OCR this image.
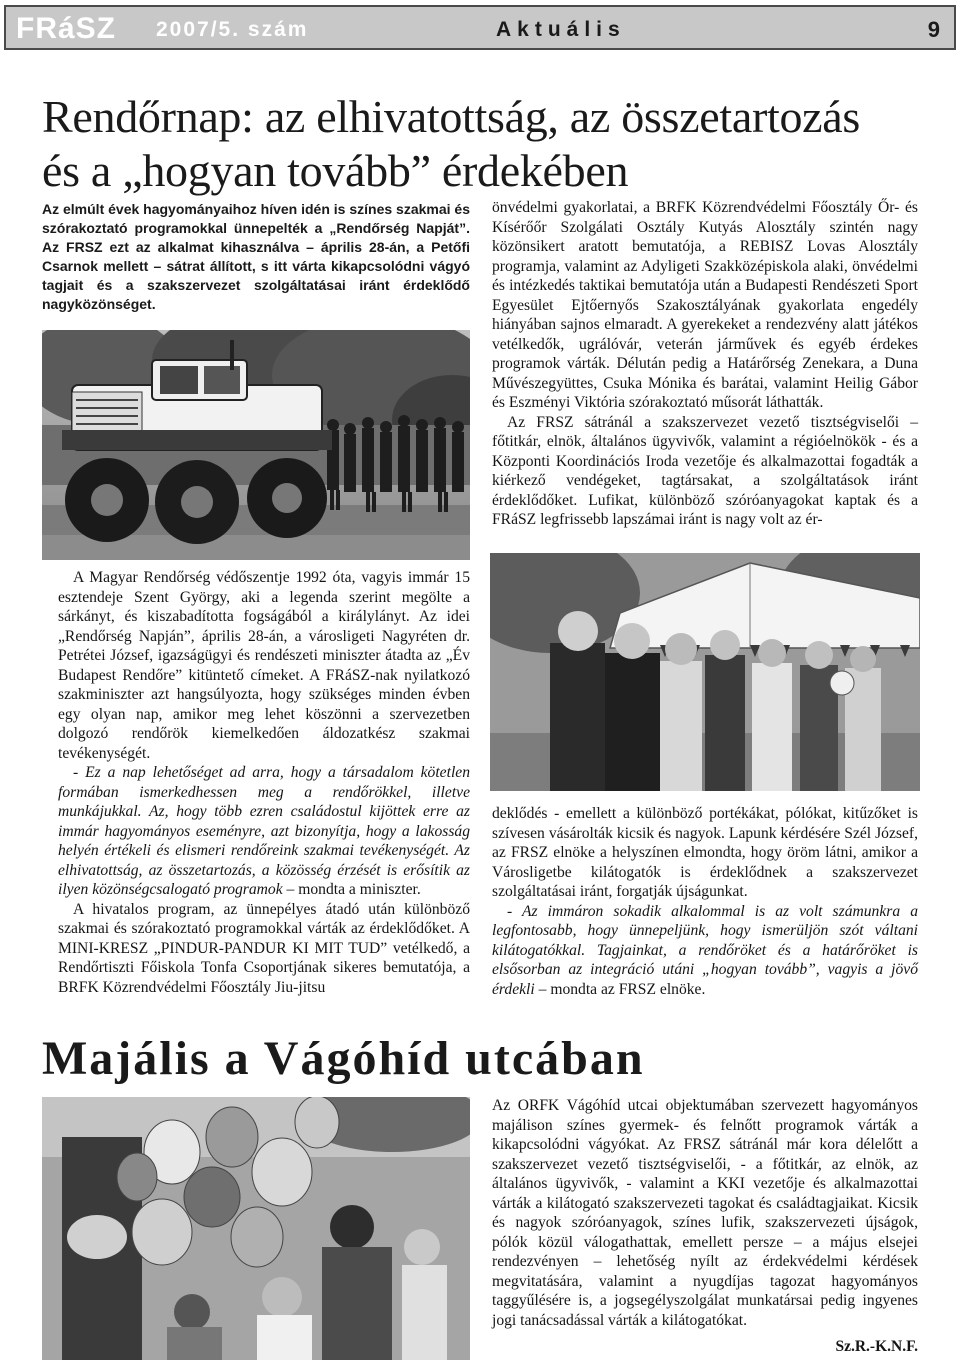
FRáSZ 2007/5. szám	Aktuális	9
Rendőrnap: az elhivatottság, az összetartozás
és a „hogyan tovább” érdekében
Az elmúlt évek hagyományaihoz híven idén is színes szakmai és szórakoztató programokkal ünnepelték a „Rendőrség Napját”. Az FRSZ ezt az alkalmat kihasználva – április 28-án, a Petőfi Csarnok mellett – sátrat állított, s itt várta kikapcsolódni vágyó tagjait és a szakszervezet szolgáltatásai iránt érdeklődő nagyközönséget.

A Magyar Rendőrség védőszentje 1992 óta, vagyis immár 15 esztendeje Szent György, aki a legenda szerint megölte a sárkányt, és kiszabadította fogságából a királylányt. Az idei „Rendőrség Napján”, április 28-án, a városligeti Nagyréten dr. Petrétei József, igazságügyi és rendészeti miniszter átadta az „Év Budapest Rendőre” kitüntető címeket. A FRáSZ-nak nyilatkozó szakminiszter azt hangsúlyozta, hogy szükséges minden évben egy olyan nap, amikor meg lehet köszönni a szervezetben dolgozó rendőrök kiemelkedően áldozatkész szakmai tevékenységét.

- Ez a nap lehetőséget ad arra, hogy a társadalom kötetlen formában ismerkedhessen meg a rendőrökkel, illetve munkájukkal. Az, hogy több ezren családostul kijöttek erre az immár hagyományos eseményre, azt bizonyítja, hogy a lakosság helyén értékeli és elismeri rendőreink szakmai tevékenységét. Az elhivatottság, az összetartozás, a közösség érzését is erősítik az ilyen közönségcsalogató programok – mondta a miniszter.

A hivatalos program, az ünnepélyes átadó után különböző szakmai és szórakoztató programokkal várták az érdeklődőket. A MINI-KRESZ „PINDUR-PANDUR KI MIT TUD” vetélkedő, a Rendőrtiszti Főiskola Tonfa Csoportjának sikeres bemutatója, a BRFK Közrendvédelmi Főosztály Jiu-jitsu

önvédelmi gyakorlatai, a BRFK Közrendvédelmi Főosztály Őr- és Kísérőőr Szolgálati Osztály Kutyás Alosztály szintén nagy közönsikert aratott bemutatója, a REBISZ Lovas Alosztály programja, valamint az Adyligeti Szakközépiskola alaki, önvédelmi és intézkedés taktikai bemutatója után a Budapesti Rendészeti Sport Egyesület Ejtőernyős Szakosztályának gyakorlata engedély hiányában sajnos elmaradt. A gyerekeket a rendezvény alatt játékos vetélkedők, ugrálóvár, veterán járművek és egyéb érdekes programok várták. Délután pedig a Határőrség Zenekara, a Duna Művészegyüttes, Csuka Mónika és barátai, valamint Heilig Gábor és Eszményi Viktória szórakoztató műsorát láthatták.

Az FRSZ sátránál a szakszervezet vezető tisztségviselői – főtitkár, elnök, általános ügyvivők, valamint a régióelnökök - és a Központi Koordinációs Iroda vezetője és alkalmazottai fogadták a kiérkező vendégeket, tagtársakat, a szolgáltatások iránt érdeklődőket. Lufikat, különböző szóróanyagokat kaptak és a FRáSZ legfrissebb lapszámai iránt is nagy volt az ér-

deklődés - emellett a különböző portékákat, pólókat, kitűzőket is szívesen vásárolták kicsik és nagyok. Lapunk kérdésére Szél József, az FRSZ elnöke a helyszínen elmondta, hogy öröm látni, amikor a Városligetbe kilátogatók is érdeklődnek a szakszervezet szolgáltatásai iránt, forgatják újságunkat.

- Az immáron sokadik alkalommal is az volt számunkra a legfontosabb, hogy ünnepeljünk, hogy ismerüljön szót váltani kilátogatókkal. Tagjainkat, a rendőröket és a határőröket is elsősorban az integráció utáni „hogyan tovább”, vagyis a jövő érdekli – mondta az FRSZ elnöke.

Majális a Vágóhíd utcában

Az ORFK Vágóhíd utcai objektumában szervezett hagyományos majálison színes gyermek- és felnőtt programok várták a kikapcsolódni vágyókat. Az FRSZ sátránál már kora délelőtt a szakszervezet vezető tisztségviselői, - a főtitkár, az elnök, az általános ügyvivők, - valamint a KKI vezetője és alkalmazottai várták a kilátogató szakszervezeti tagokat és családtagjaikat. Kicsik és nagyok szóróanyagok, színes lufik, szakszervezeti újságok, pólók közül válogathattak, emellett persze – a május elsejei rendezvényen – lehetőség nyílt az érdekvédelmi kérdések megvitatására, valamint a nyugdíjas tagozat hagyományos taggyűlésére is, a jogsegélyszolgálat munkatársai pedig ingyenes jogi tanácsadással várták a kilátogatókat.

Sz.R.-K.N.F.
